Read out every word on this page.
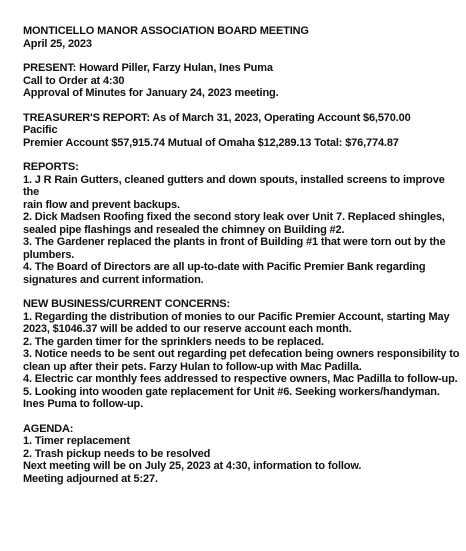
MONTICELLO MANOR ASSOCIATION BOARD MEETING
April 25, 2023
PRESENT: Howard Piller, Farzy Hulan, Ines Puma
Call to Order at 4:30
Approval of Minutes for January 24, 2023 meeting.
TREASURER'S REPORT: As of March 31, 2023, Operating Account $6,570.00
Pacific
Premier Account $57,915.74 Mutual of Omaha $12,289.13 Total: $76,774.87
REPORTS:
1. J R Rain Gutters, cleaned gutters and down spouts, installed screens to improve
the
rain flow and prevent backups.
2. Dick Madsen Roofing fixed the second story leak over Unit 7. Replaced shingles,
sealed pipe flashings and resealed the chimney on Building #2.
3. The Gardener replaced the plants in front of Building #1 that were torn out by the
plumbers.
4. The Board of Directors are all up-to-date with Pacific Premier Bank regarding
signatures and current information.
NEW BUSINESS/CURRENT CONCERNS:
1. Regarding the distribution of monies to our Pacific Premier Account, starting May
2023, $1046.37 will be added to our reserve account each month.
2. The garden timer for the sprinklers needs to be replaced.
3. Notice needs to be sent out regarding pet defecation being owners responsibility to
clean up after their pets. Farzy Hulan to follow-up with Mac Padilla.
4. Electric car monthly fees addressed to respective owners, Mac Padilla to follow-up.
5. Looking into wooden gate replacement for Unit #6. Seeking workers/handyman.
Ines Puma to follow-up.
AGENDA:
1. Timer replacement
2. Trash pickup needs to be resolved
Next meeting will be on July 25, 2023 at 4:30, information to follow.
Meeting adjourned at 5:27.
